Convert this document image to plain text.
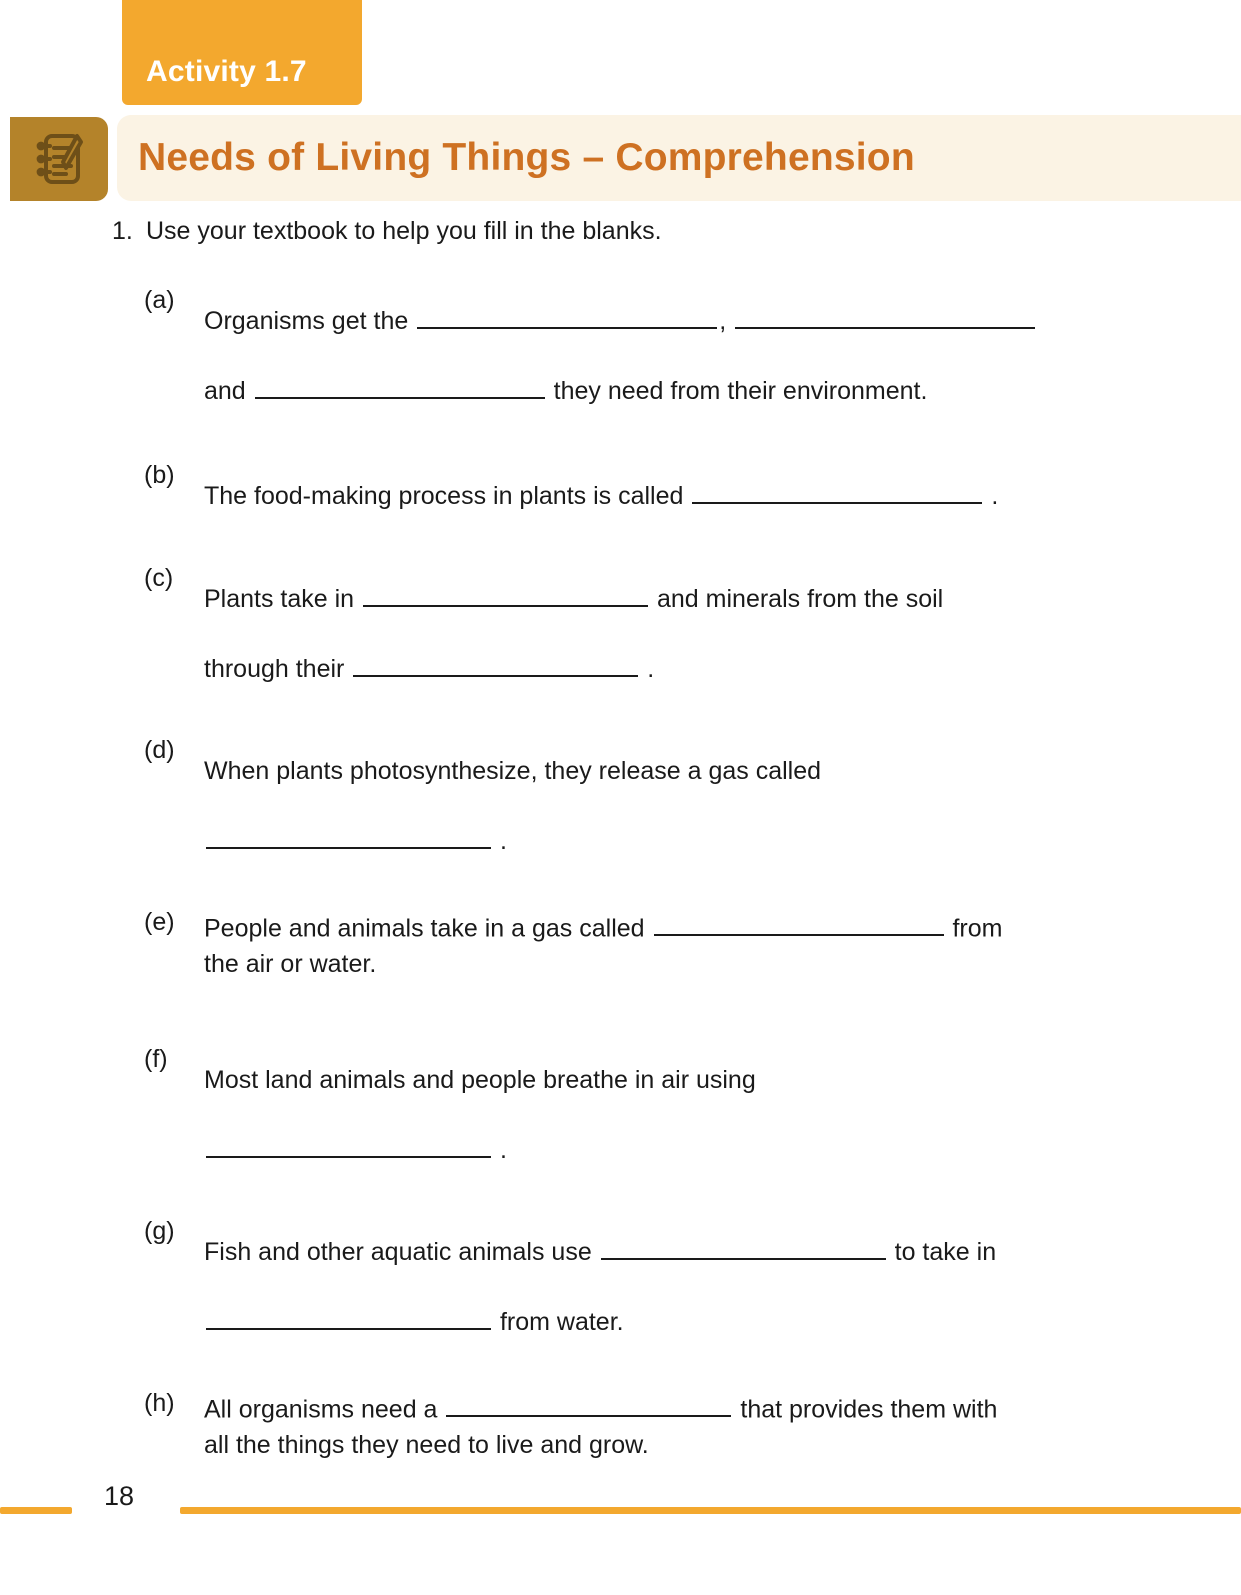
Activity 1.7
Needs of Living Things – Comprehension
1. Use your textbook to help you fill in the blanks.
(a)
Organisms get the	,
and	they need from their environment.
(b)
The food-making process in plants is called	.
(c)
Plants take in	and minerals from the soil
through their	.
(d)
When plants photosynthesize, they release a gas called
.
(e)	People and animals take in a gas called	from
the air or water.
(f)
Most land animals and people breathe in air using
.
(g)
Fish and other aquatic animals use	to take in
from water.
(h)	All organisms need a	that provides them with
all the things they need to live and grow.
18
